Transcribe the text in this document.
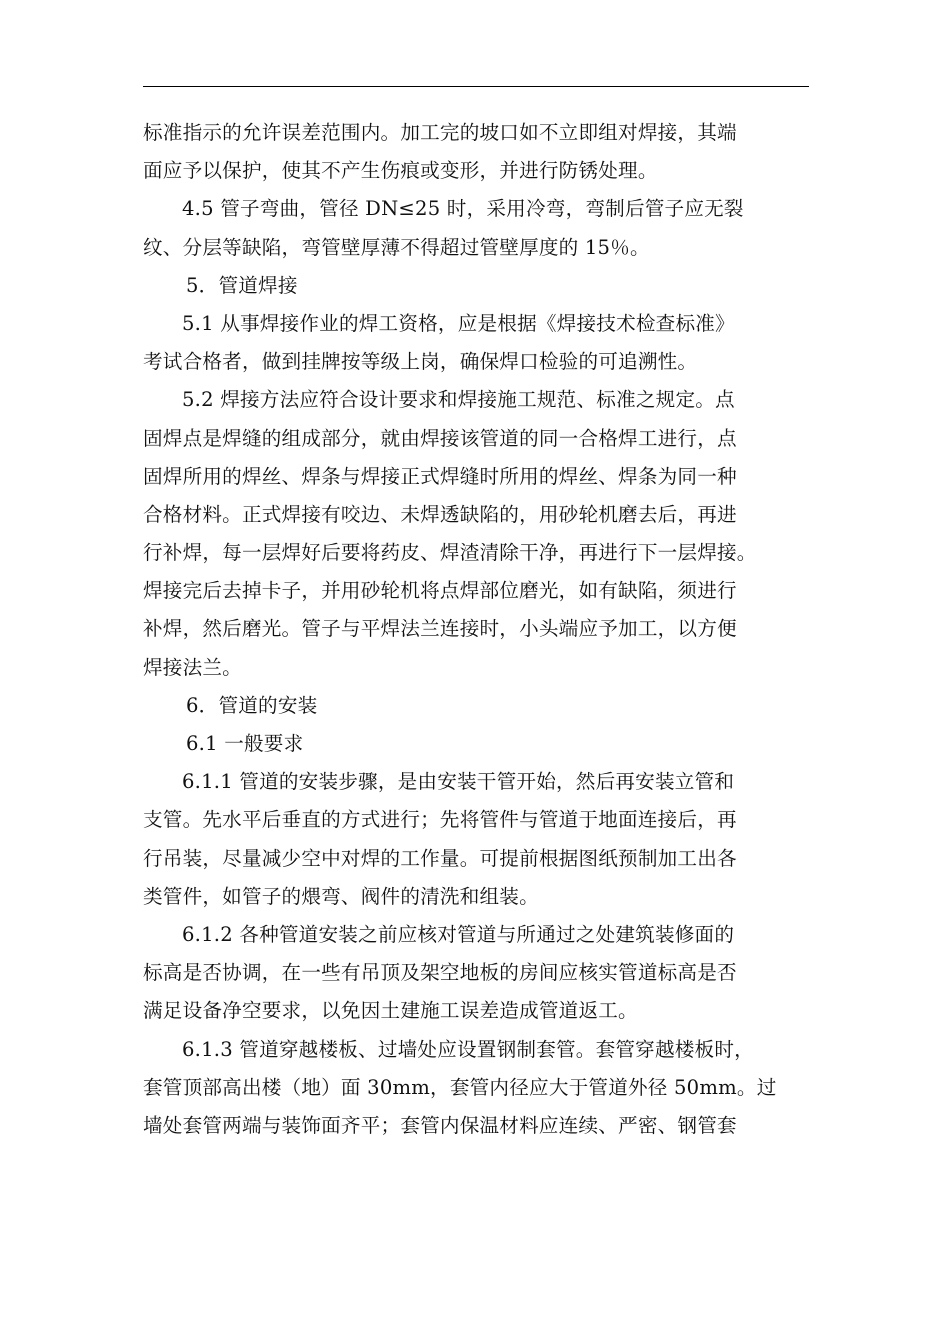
标准指示的允许误差范围内。加工完的坡口如不立即组对焊接，其端
面应予以保护，使其不产生伤痕或变形，并进行防锈处理。
4.5 管子弯曲，管径 DN≤25 时，采用冷弯，弯制后管子应无裂
纹、分层等缺陷，弯管壁厚薄不得超过管壁厚度的 15％。
5．管道焊接
5.1 从事焊接作业的焊工资格，应是根据《焊接技术检查标准》
考试合格者，做到挂牌按等级上岗，确保焊口检验的可追溯性。
5.2 焊接方法应符合设计要求和焊接施工规范、标准之规定。点
固焊点是焊缝的组成部分，就由焊接该管道的同一合格焊工进行，点
固焊所用的焊丝、焊条与焊接正式焊缝时所用的焊丝、焊条为同一种
合格材料。正式焊接有咬边、未焊透缺陷的，用砂轮机磨去后，再进
行补焊，每一层焊好后要将药皮、焊渣清除干净，再进行下一层焊接。
焊接完后去掉卡子，并用砂轮机将点焊部位磨光，如有缺陷，须进行
补焊，然后磨光。管子与平焊法兰连接时，小头端应予加工，以方便
焊接法兰。
6．管道的安装
6.1 一般要求
6.1.1 管道的安装步骤，是由安装干管开始，然后再安装立管和
支管。先水平后垂直的方式进行；先将管件与管道于地面连接后，再
行吊装，尽量减少空中对焊的工作量。可提前根据图纸预制加工出各
类管件，如管子的煨弯、阀件的清洗和组装。
6.1.2 各种管道安装之前应核对管道与所通过之处建筑装修面的
标高是否协调，在一些有吊顶及架空地板的房间应核实管道标高是否
满足设备净空要求，以免因土建施工误差造成管道返工。
6.1.3 管道穿越楼板、过墙处应设置钢制套管。套管穿越楼板时，
套管顶部高出楼（地）面 30mm，套管内径应大于管道外径 50mm。过
墙处套管两端与装饰面齐平；套管内保温材料应连续、严密、钢管套
